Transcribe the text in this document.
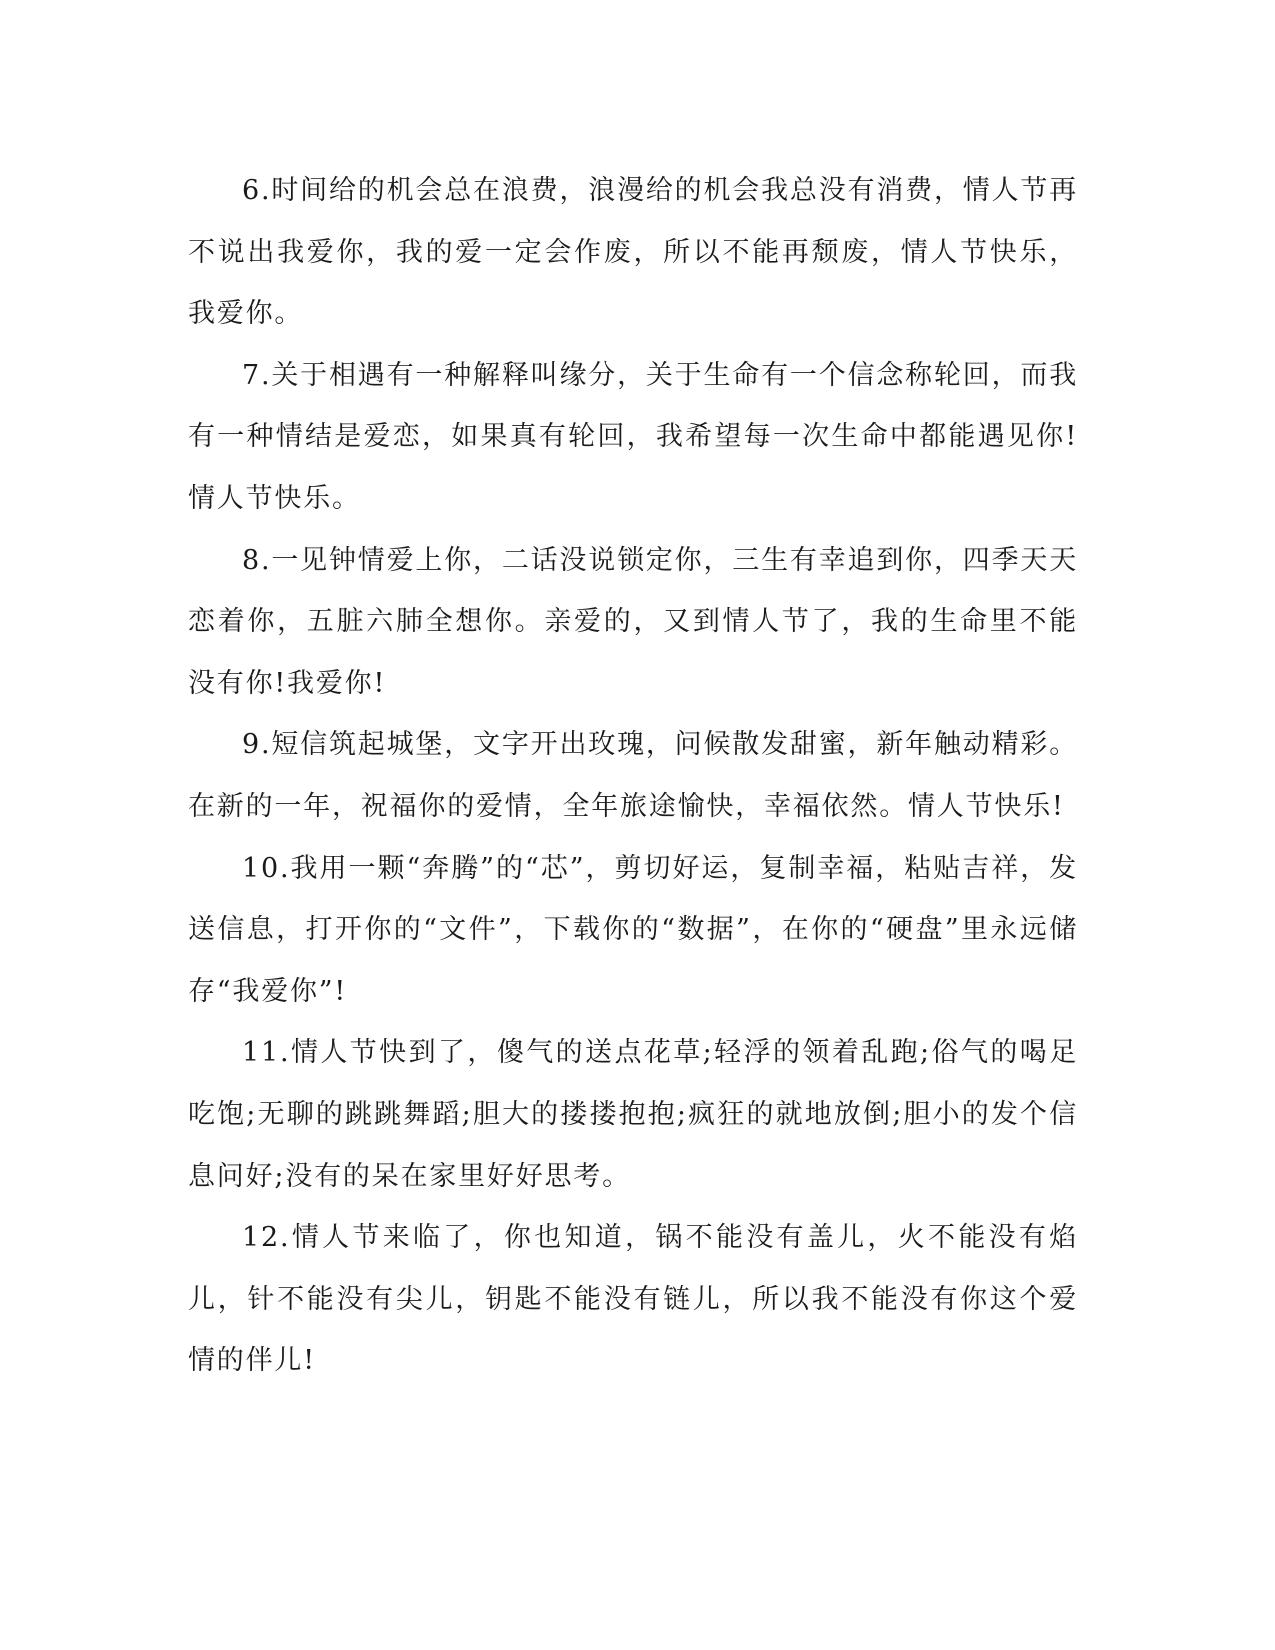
6.时间给的机会总在浪费，浪漫给的机会我总没有消费，情人节再不说出我爱你，我的爱一定会作废，所以不能再颓废，情人节快乐，我爱你。

7.关于相遇有一种解释叫缘分，关于生命有一个信念称轮回，而我有一种情结是爱恋，如果真有轮回，我希望每一次生命中都能遇见你!情人节快乐。

8.一见钟情爱上你，二话没说锁定你，三生有幸追到你，四季天天恋着你，五脏六肺全想你。亲爱的，又到情人节了，我的生命里不能没有你!我爱你!

9.短信筑起城堡，文字开出玫瑰，问候散发甜蜜，新年触动精彩。在新的一年，祝福你的爱情，全年旅途愉快，幸福依然。情人节快乐!

10.我用一颗“奔腾”的“芯”，剪切好运，复制幸福，粘贴吉祥，发送信息，打开你的“文件”，下载你的“数据”，在你的“硬盘”里永远储存“我爱你”!

11.情人节快到了，傻气的送点花草;轻浮的领着乱跑;俗气的喝足吃饱;无聊的跳跳舞蹈;胆大的搂搂抱抱;疯狂的就地放倒;胆小的发个信息问好;没有的呆在家里好好思考。

12.情人节来临了，你也知道，锅不能没有盖儿，火不能没有焰儿，针不能没有尖儿，钥匙不能没有链儿，所以我不能没有你这个爱情的伴儿!
